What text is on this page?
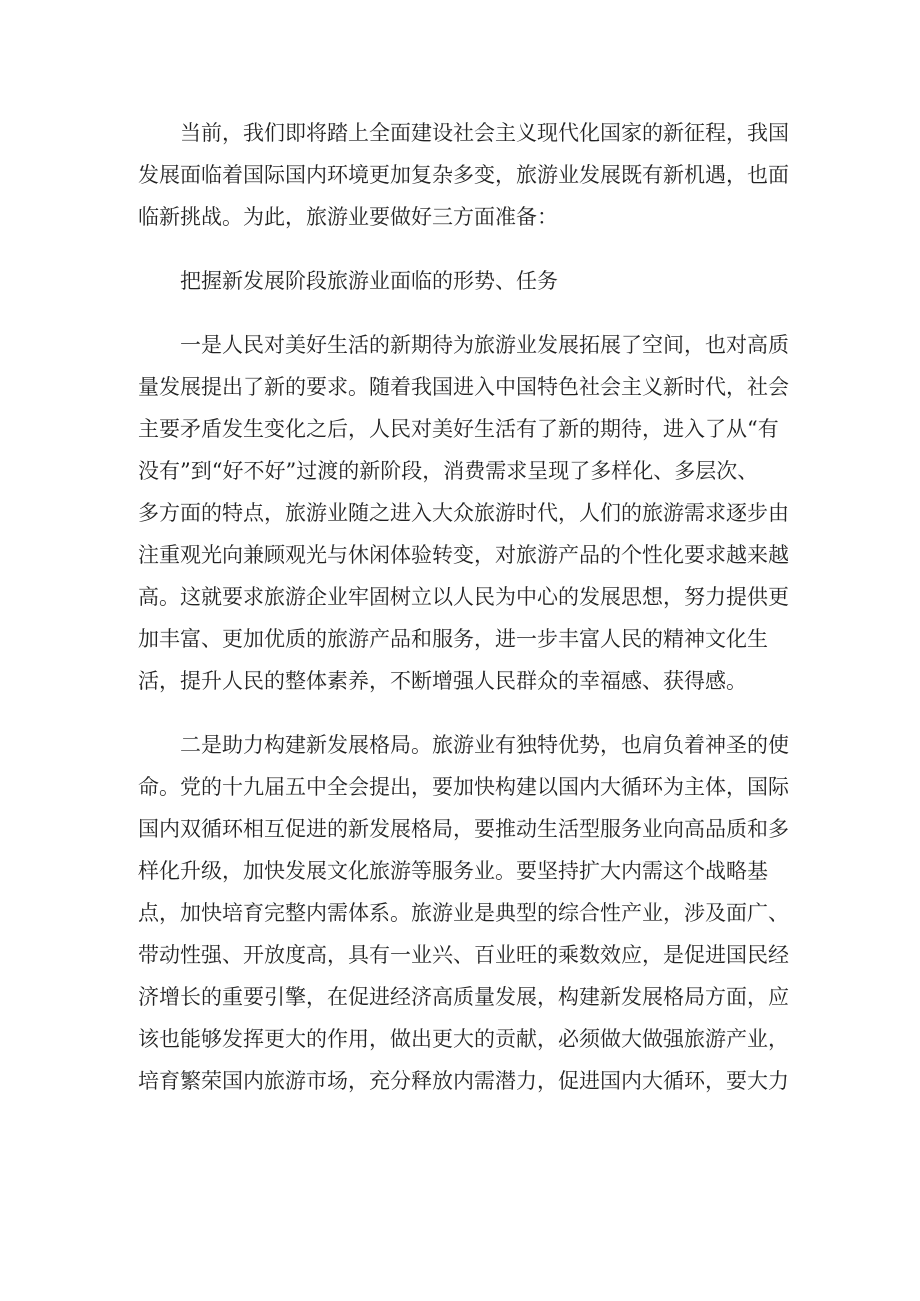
当前，我们即将踏上全面建设社会主义现代化国家的新征程，我国
发展面临着国际国内环境更加复杂多变，旅游业发展既有新机遇，也面
临新挑战。为此，旅游业要做好三方面准备：
把握新发展阶段旅游业面临的形势、任务
一是人民对美好生活的新期待为旅游业发展拓展了空间，也对高质
量发展提出了新的要求。随着我国进入中国特色社会主义新时代，社会
主要矛盾发生变化之后，人民对美好生活有了新的期待，进入了从“有
没有”到“好不好”过渡的新阶段，消费需求呈现了多样化、多层次、
多方面的特点，旅游业随之进入大众旅游时代，人们的旅游需求逐步由
注重观光向兼顾观光与休闲体验转变，对旅游产品的个性化要求越来越
高。这就要求旅游企业牢固树立以人民为中心的发展思想，努力提供更
加丰富、更加优质的旅游产品和服务，进一步丰富人民的精神文化生
活，提升人民的整体素养，不断增强人民群众的幸福感、获得感。
二是助力构建新发展格局。旅游业有独特优势，也肩负着神圣的使
命。党的十九届五中全会提出，要加快构建以国内大循环为主体，国际
国内双循环相互促进的新发展格局，要推动生活型服务业向高品质和多
样化升级，加快发展文化旅游等服务业。要坚持扩大内需这个战略基
点，加快培育完整内需体系。旅游业是典型的综合性产业，涉及面广、
带动性强、开放度高，具有一业兴、百业旺的乘数效应，是促进国民经
济增长的重要引擎，在促进经济高质量发展，构建新发展格局方面，应
该也能够发挥更大的作用，做出更大的贡献，必须做大做强旅游产业，
培育繁荣国内旅游市场，充分释放内需潜力，促进国内大循环，要大力
